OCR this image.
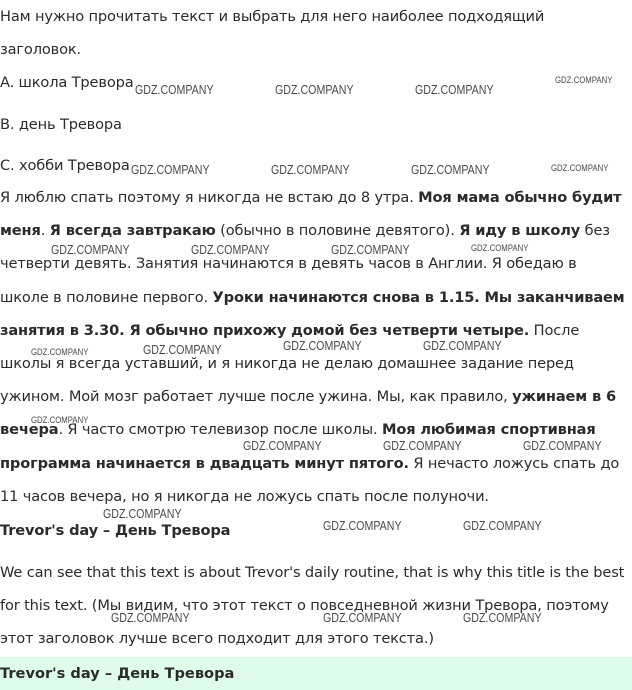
Нам нужно прочитать текст и выбрать для него наиболее подходящий заголовок.

A. школа Тревора

B. день Тревора

C. хобби Тревора

Я люблю спать поэтому я никогда не встаю до 8 утра. Моя мама обычно будит меня. Я всегда завтракаю (обычно в половине девятого). Я иду в школу без четверти девять. Занятия начинаются в девять часов в Англии. Я обедаю в школе в половине первого. Уроки начинаются снова в 1.15. Мы заканчиваем занятия в 3.30. Я обычно прихожу домой без четверти четыре. После школы я всегда уставший, и я никогда не делаю домашнее задание перед ужином. Мой мозг работает лучше после ужина. Мы, как правило, ужинаем в 6 вечера. Я часто смотрю телевизор после школы. Моя любимая спортивная программа начинается в двадцать минут пятого. Я нечасто ложусь спать до 11 часов вечера, но я никогда не ложусь спать после полуночи.

Trevor's day – День Тревора

We can see that this text is about Trevor's daily routine, that is why this title is the best for this text. (Мы видим, что этот текст о повседневной жизни Тревора, поэтому этот заголовок лучше всего подходит для этого текста.)

Trevor's day – День Тревора
GDZ.COMPANY	GDZ.COMPANY	GDZ.COMPANY
GDZ.COMPANY
GDZ.COMPANY	GDZ.COMPANY	GDZ.COMPANY	GDZ.COMPANY
GDZ.COMPANY	GDZ.COMPANY	GDZ.COMPANY	GDZ.COMPANY
GDZ.COMPANY	GDZ.COMPANY	GDZ.COMPANY	GDZ.COMPANY
GDZ.COMPANY
GDZ.COMPANY	GDZ.COMPANY	GDZ.COMPANY
GDZ.COMPANY
GDZ.COMPANY	GDZ.COMPANY
GDZ.COMPANY	GDZ.COMPANY	GDZ.COMPANY
